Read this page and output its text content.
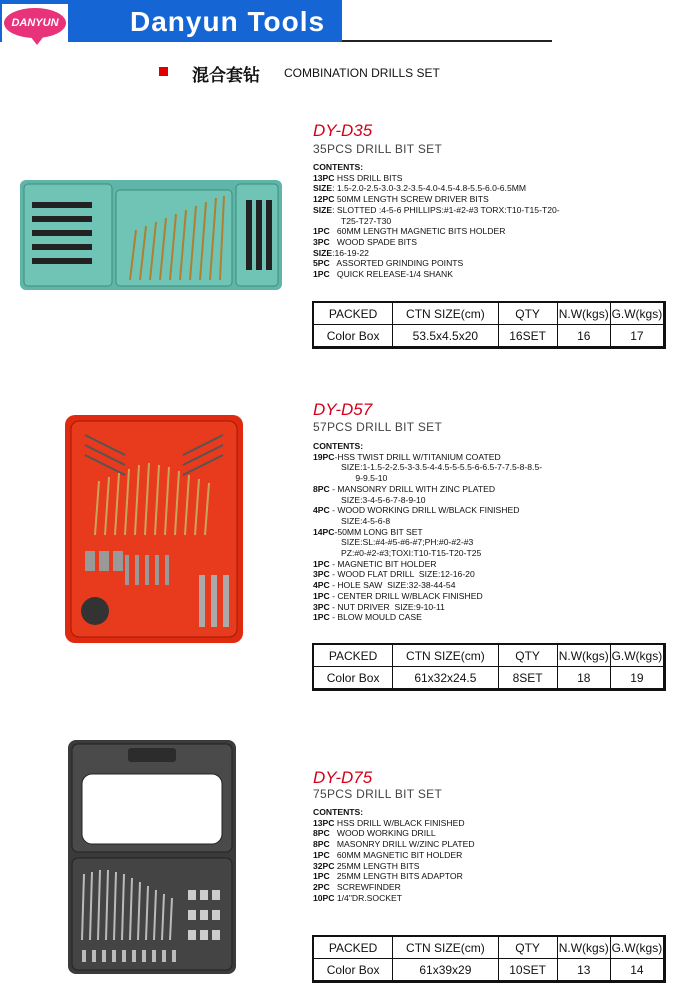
Danyun Tools
DANYUN
混合套钻 COMBINATION DRILLS SET
DY-D35
35PCS DRILL BIT SET
CONTENTS:
13PC HSS DRILL BITS
SIZE: 1.5-2.0-2.5-3.0-3.2-3.5-4.0-4.5-4.8-5.5-6.0-6.5MM
12PC 50MM LENGTH SCREW DRIVER BITS
SIZE: SLOTTED :4-5-6 PHILLIPS:#1-#2-#3 TORX:T10-T15-T20-
T25-T27-T30
1PC   60MM LENGTH MAGNETIC BITS HOLDER
3PC   WOOD SPADE BITS
SIZE:16-19-22
5PC   ASSORTED GRINDING POINTS
1PC   QUICK RELEASE-1/4 SHANK
PACKED	CTN SIZE(cm)	QTY	N.W(kgs)	G.W(kgs)
Color Box	53.5x4.5x20	16SET	16	17
DY-D57
57PCS DRILL BIT SET
CONTENTS:
19PC-HSS TWIST DRILL W/TITANIUM COATED
SIZE:1-1.5-2-2.5-3-3.5-4-4.5-5-5.5-6-6.5-7-7.5-8-8.5-
9-9.5-10
8PC - MANSONRY DRILL WITH ZINC PLATED
SIZE:3-4-5-6-7-8-9-10
4PC - WOOD WORKING DRILL W/BLACK FINISHED
SIZE:4-5-6-8
14PC-50MM LONG BIT SET
SIZE:SL:#4-#5-#6-#7;PH:#0-#2-#3
PZ:#0-#2-#3;TOXI:T10-T15-T20-T25
1PC - MAGNETIC BIT HOLDER
3PC - WOOD FLAT DRILL  SIZE:12-16-20
4PC - HOLE SAW  SIZE:32-38-44-54
1PC - CENTER DRILL W/BLACK FINISHED
3PC - NUT DRIVER  SIZE:9-10-11
1PC - BLOW MOULD CASE
PACKED	CTN SIZE(cm)	QTY	N.W(kgs)	G.W(kgs)
Color Box	61x32x24.5	8SET	18	19
DY-D75
75PCS DRILL BIT SET
CONTENTS:
13PC HSS DRILL W/BLACK FINISHED
8PC   WOOD WORKING DRILL
8PC   MASONRY DRILL W/ZINC PLATED
1PC   60MM MAGNETIC BIT HOLDER
32PC 25MM LENGTH BITS
1PC   25MM LENGTH BITS ADAPTOR
2PC   SCREWFINDER
10PC 1/4"DR.SOCKET
PACKED	CTN SIZE(cm)	QTY	N.W(kgs)	G.W(kgs)
Color Box	61x39x29	10SET	13	14
